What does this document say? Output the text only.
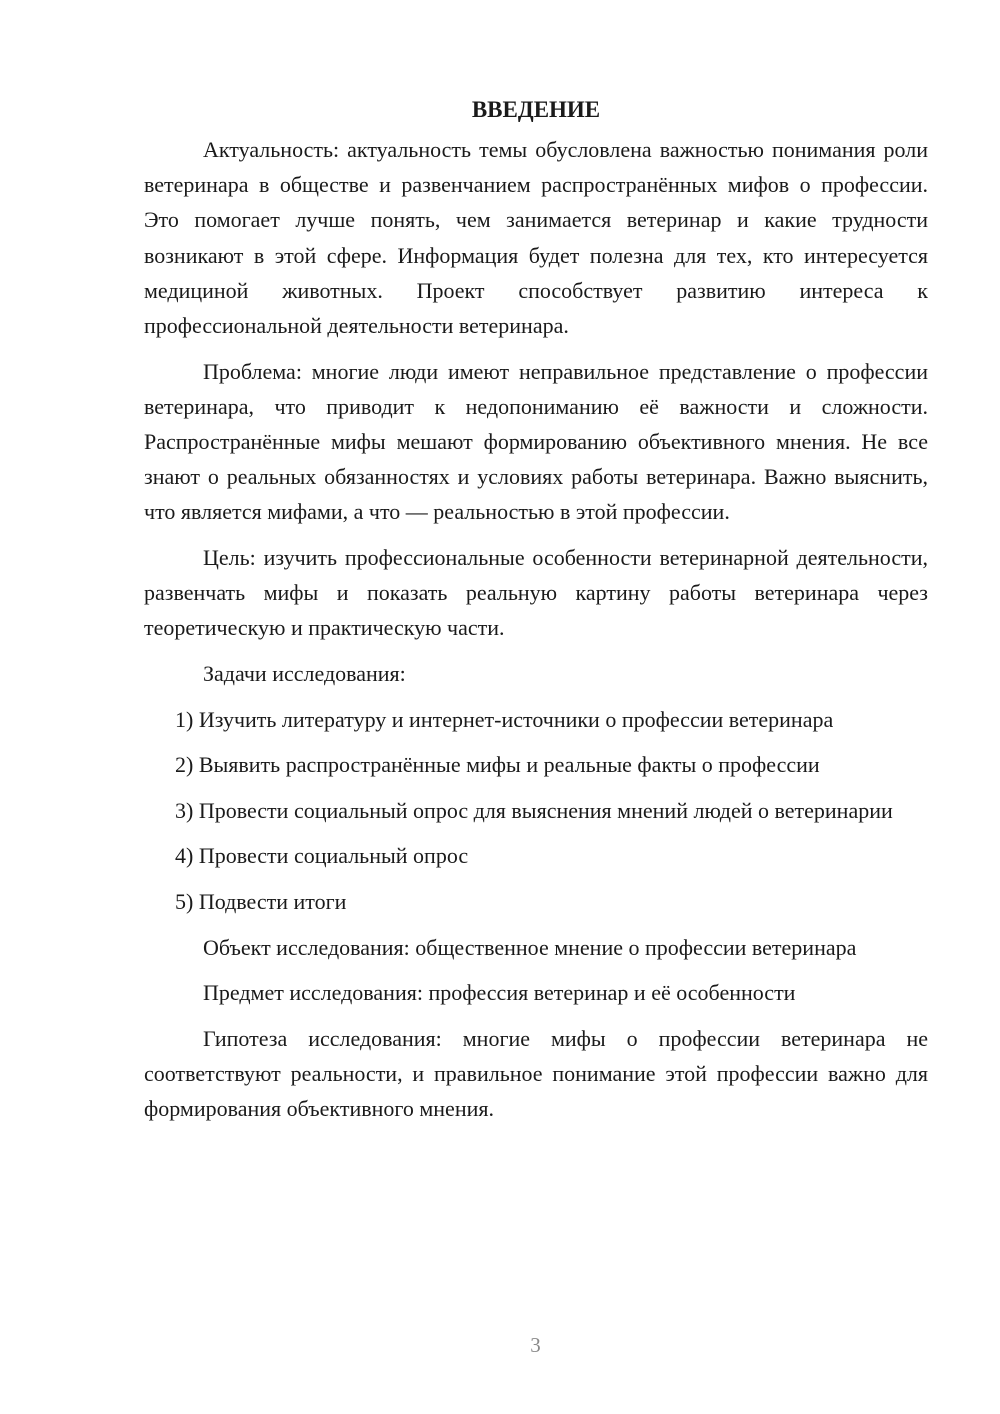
ВВЕДЕНИЕ

Актуальность: актуальность темы обусловлена важностью понимания роли ветеринара в обществе и развенчанием распространённых мифов о профессии. Это помогает лучше понять, чем занимается ветеринар и какие трудности возникают в этой сфере. Информация будет полезна для тех, кто интересуется медициной животных. Проект способствует развитию интереса к профессиональной деятельности ветеринара.

Проблема: многие люди имеют неправильное представление о профессии ветеринара, что приводит к недопониманию её важности и сложности. Распространённые мифы мешают формированию объективного мнения. Не все знают о реальных обязанностях и условиях работы ветеринара. Важно выяснить, что является мифами, а что — реальностью в этой профессии.

Цель: изучить профессиональные особенности ветеринарной деятельности, развенчать мифы и показать реальную картину работы ветеринара через теоретическую и практическую части.

Задачи исследования:

1) Изучить литературу и интернет-источники о профессии ветеринара

2) Выявить распространённые мифы и реальные факты о профессии

3) Провести социальный опрос для выяснения мнений людей о ветеринарии

4) Провести социальный опрос

5) Подвести итоги

Объект исследования: общественное мнение о профессии ветеринара

Предмет исследования: профессия ветеринар и её особенности

Гипотеза исследования: многие мифы о профессии ветеринара не соответствуют реальности, и правильное понимание этой профессии важно для формирования объективного мнения.

3
